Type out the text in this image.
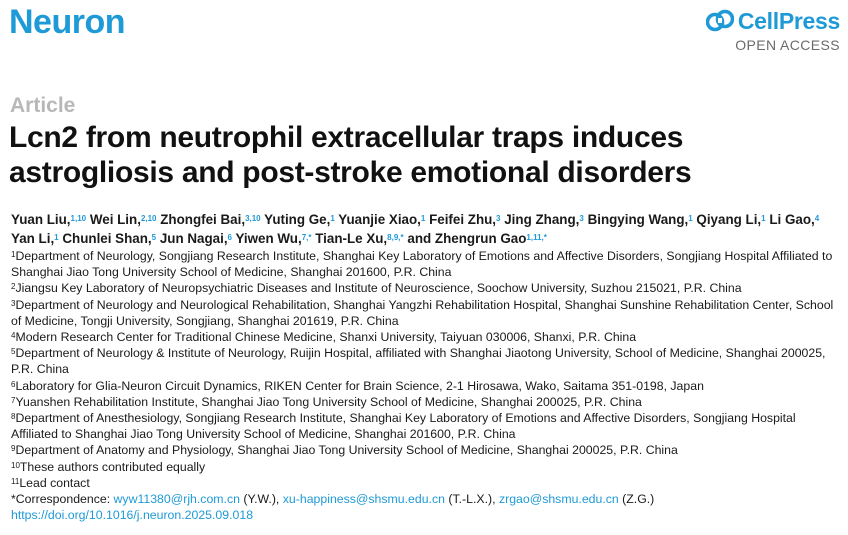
Neuron	CellPress
OPEN ACCESS
Article
Lcn2 from neutrophil extracellular traps induces astrogliosis and post-stroke emotional disorders
Yuan Liu,$^{1,10}$ Wei Lin,$^{2,10}$ Zhongfei Bai,$^{3,10}$ Yuting Ge,$^1$ Yuanjie Xiao,$^1$ Feifei Zhu,$^3$ Jing Zhang,$^3$ Bingying Wang,$^1$ Qiyang Li,$^1$ Li Gao,$^4$ Yan Li,$^1$ Chunlei Shan,$^5$ Jun Nagai,$^6$ Yiwen Wu,$^{7,*}$ Tian-Le Xu,$^{8,9,*}$ and Zhengrun Gao$^{1,11,*}$

$^1$Department of Neurology, Songjiang Research Institute, Shanghai Key Laboratory of Emotions and Affective Disorders, Songjiang Hospital Affiliated to Shanghai Jiao Tong University School of Medicine, Shanghai 201600, P.R. China

$^2$Jiangsu Key Laboratory of Neuropsychiatric Diseases and Institute of Neuroscience, Soochow University, Suzhou 215021, P.R. China

$^3$Department of Neurology and Neurological Rehabilitation, Shanghai Yangzhi Rehabilitation Hospital, Shanghai Sunshine Rehabilitation Center, School of Medicine, Tongji University, Songjiang, Shanghai 201619, P.R. China

$^4$Modern Research Center for Traditional Chinese Medicine, Shanxi University, Taiyuan 030006, Shanxi, P.R. China

$^5$Department of Neurology & Institute of Neurology, Ruijin Hospital, affiliated with Shanghai Jiaotong University, School of Medicine, Shanghai 200025, P.R. China

$^6$Laboratory for Glia-Neuron Circuit Dynamics, RIKEN Center for Brain Science, 2-1 Hirosawa, Wako, Saitama 351-0198, Japan

$^7$Yuanshen Rehabilitation Institute, Shanghai Jiao Tong University School of Medicine, Shanghai 200025, P.R. China

$^8$Department of Anesthesiology, Songjiang Research Institute, Shanghai Key Laboratory of Emotions and Affective Disorders, Songjiang Hospital Affiliated to Shanghai Jiao Tong University School of Medicine, Shanghai 201600, P.R. China

$^9$Department of Anatomy and Physiology, Shanghai Jiao Tong University School of Medicine, Shanghai 200025, P.R. China

$^{10}$These authors contributed equally

$^{11}$Lead contact

*Correspondence: wyw11380@rjh.com.cn (Y.W.), xu-happiness@shsmu.edu.cn (T.-L.X.), zrgao@shsmu.edu.cn (Z.G.)

https://doi.org/10.1016/j.neuron.2025.09.018
